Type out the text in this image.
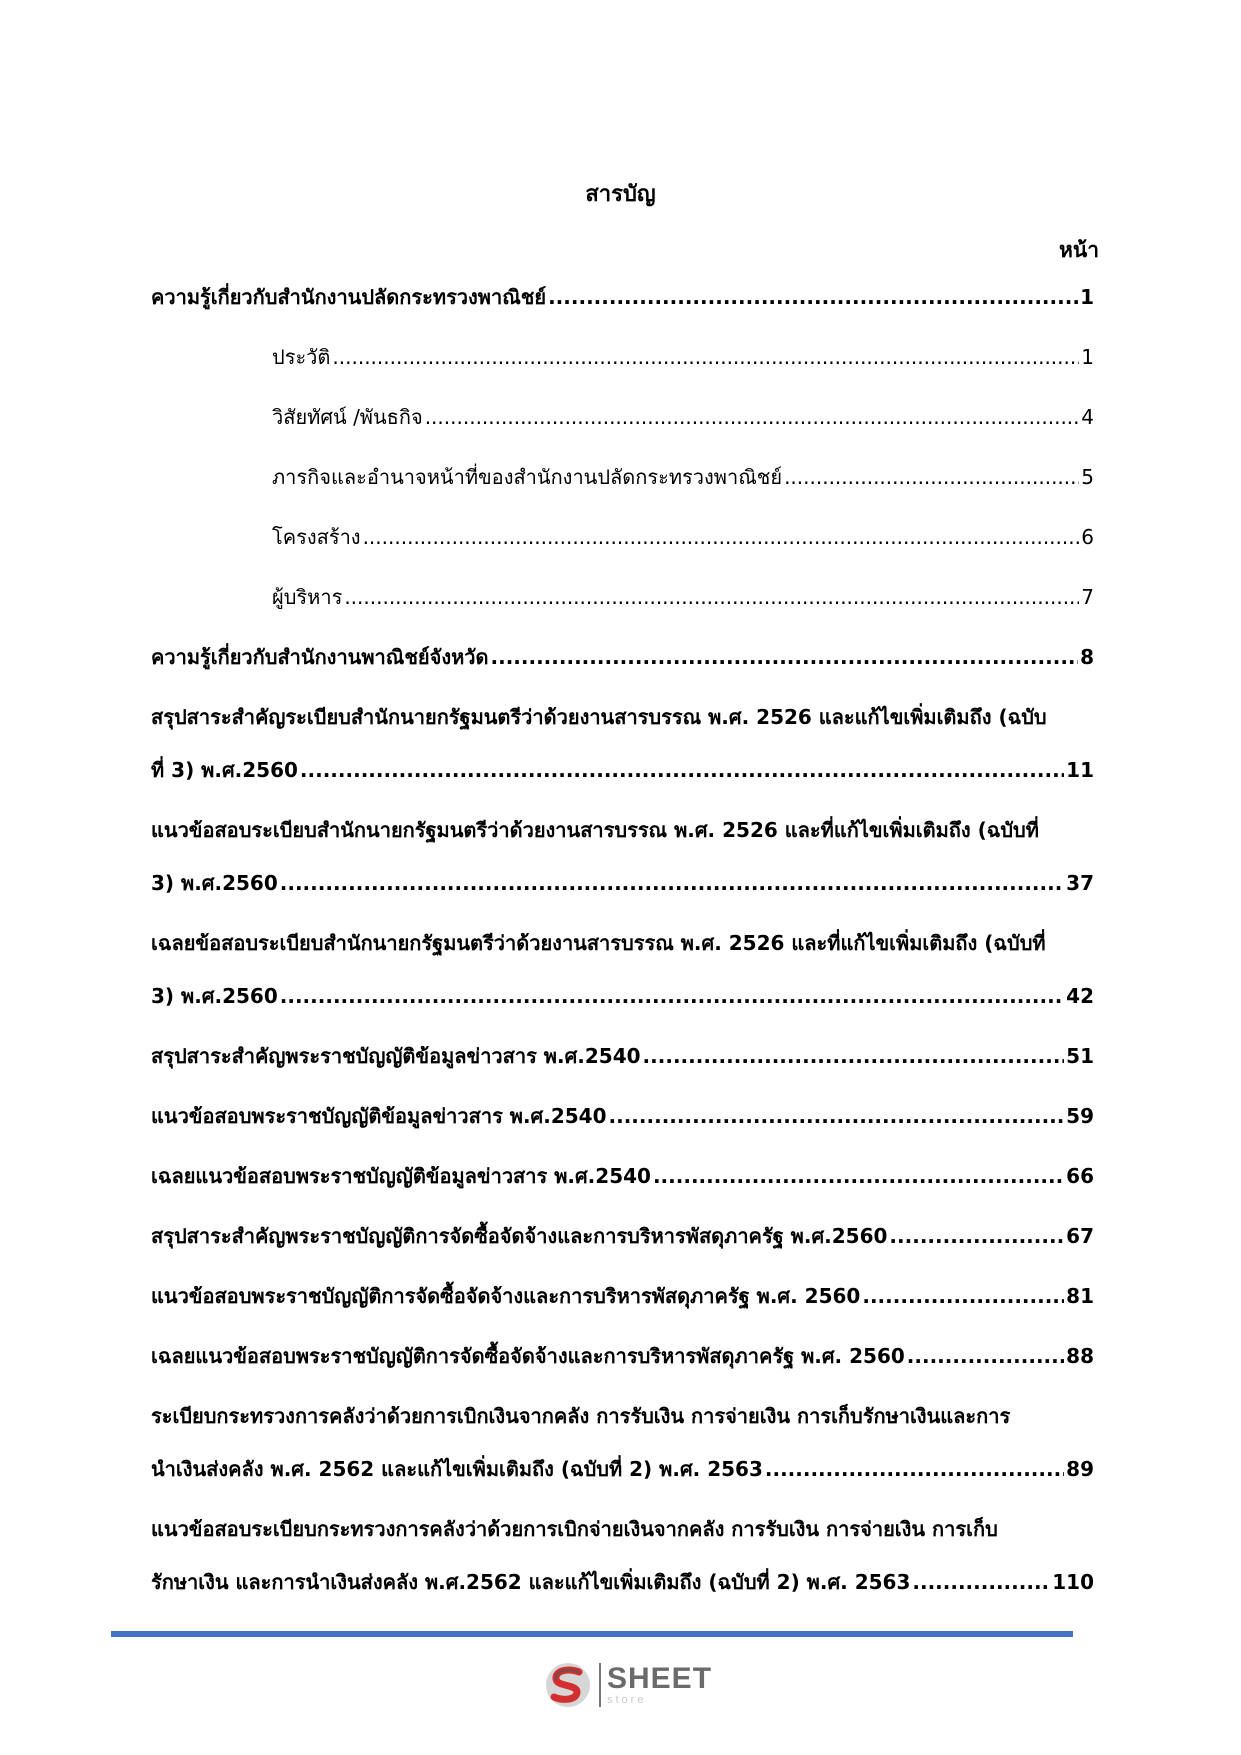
สารบัญ
หน้า
ความรู้เกี่ยวกับสำนักงานปลัดกระทรวงพาณิชย์ .....	1
ประวัติ .....	1
วิสัยทัศน์ /พันธกิจ .....	4
ภารกิจและอำนาจหน้าที่ของสำนักงานปลัดกระทรวงพาณิชย์ .....	5
โครงสร้าง .....	6
ผู้บริหาร .....	7
ความรู้เกี่ยวกับสำนักงานพาณิชย์จังหวัด .....	8
สรุปสาระสำคัญระเบียบสำนักนายกรัฐมนตรีว่าด้วยงานสารบรรณ พ.ศ. 2526 และแก้ไขเพิ่มเติมถึง (ฉบับ
ที่ 3) พ.ศ.2560 .....	11
แนวข้อสอบระเบียบสำนักนายกรัฐมนตรีว่าด้วยงานสารบรรณ พ.ศ. 2526 และที่แก้ไขเพิ่มเติมถึง (ฉบับที่
3) พ.ศ.2560 .....	37
เฉลยข้อสอบระเบียบสำนักนายกรัฐมนตรีว่าด้วยงานสารบรรณ พ.ศ. 2526 และที่แก้ไขเพิ่มเติมถึง (ฉบับที่
3) พ.ศ.2560 .....	42
สรุปสาระสำคัญพระราชบัญญัติข้อมูลข่าวสาร พ.ศ.2540 .....	51
แนวข้อสอบพระราชบัญญัติข้อมูลข่าวสาร พ.ศ.2540 .....	59
เฉลยแนวข้อสอบพระราชบัญญัติข้อมูลข่าวสาร พ.ศ.2540 .....	66
สรุปสาระสำคัญพระราชบัญญัติการจัดซื้อจัดจ้างและการบริหารพัสดุภาครัฐ พ.ศ.2560 .....	67
แนวข้อสอบพระราชบัญญัติการจัดซื้อจัดจ้างและการบริหารพัสดุภาครัฐ พ.ศ. 2560 .....	81
เฉลยแนวข้อสอบพระราชบัญญัติการจัดซื้อจัดจ้างและการบริหารพัสดุภาครัฐ พ.ศ. 2560 .....	88
ระเบียบกระทรวงการคลังว่าด้วยการเบิกเงินจากคลัง การรับเงิน การจ่ายเงิน การเก็บรักษาเงินและการ
นำเงินส่งคลัง พ.ศ. 2562 และแก้ไขเพิ่มเติมถึง (ฉบับที่ 2) พ.ศ. 2563 .....	89
แนวข้อสอบระเบียบกระทรวงการคลังว่าด้วยการเบิกจ่ายเงินจากคลัง การรับเงิน การจ่ายเงิน การเก็บ
รักษาเงิน และการนำเงินส่งคลัง พ.ศ.2562 และแก้ไขเพิ่มเติมถึง (ฉบับที่ 2) พ.ศ. 2563 .....	110
SHEET
store
